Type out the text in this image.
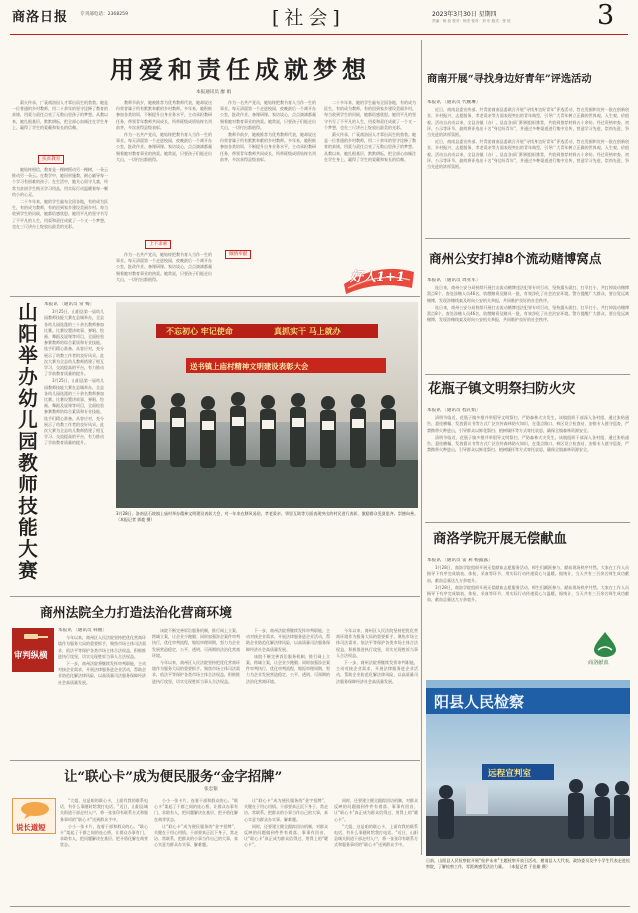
商洛日报	专刊部电话：2368259	[社会]	2023年3月30日 星期四
责编：杨 蕊 校对：杨杰 校对：刘 东 版式：张 炫	3
用爱和责任成就梦想
本报通讯员 廖 娟

薪火传承，广袤商洛因人才辈出而生机勃勃。她是一位普通的乡村教师，用二十余年的坚守诠释了教育的真谛，用爱与责任点亮了无数山里孩子的梦想。从教以来，她扎根基层，默默耕耘，把全部心血倾注在学生身上，赢得了学生的爱戴和家长的信赖。

扶贫教育

她始终相信，教育是一棵树摇动另一棵树，一朵云推动另一朵云。在教学中，她因材施教，耐心辅导每一个学习有困难的孩子；在生活中，她关心留守儿童，经常为贫困学生购买学习用品，用实际行动温暖着每一颗幼小的心灵。

二十多年来，她的学生遍布全国各地，有的成为医生，有的成为教师，有的回到家乡建设美丽乡村。每当收到学生的问候，她都倍感欣慰。她用平凡的坚守书写了不平凡的人生，用爱和责任成就了一个又一个梦想，也在三尺讲台上绽放出最美的光彩。

教师节前夕，她被推荐为优秀教师代表，她却说这份荣誉属于所有默默奉献的乡村教师。多年来，她积极参加各类培训，不断提升自身业务水平，主动承担教研任务，带领青年教师共同成长，所带班级成绩始终名列前茅，多次获得县级表彰。

作为一名共产党员，她始终把教书育人当作一生的事业。每天清晨第一个走进校园，夜晚最后一个离开办公室，批改作业、备课研课、家访谈心，点点滴滴都凝聚着她对教育事业的热爱。她常说，只要孩子们能走出大山，一切付出都值得。

上下求索

作为一名共产党员，她始终把教书育人当作一生的事业。每天清晨第一个走进校园，夜晚最后一个离开办公室，批改作业、备课研课、家访谈心，点点滴滴都凝聚着她对教育事业的热爱。她常说，只要孩子们能走出大山，一切付出都值得。

作为一名共产党员，她始终把教书育人当作一生的事业。每天清晨第一个走进校园，夜晚最后一个离开办公室，批改作业、备课研课、家访谈心，点点滴滴都凝聚着她对教育事业的热爱。她常说，只要孩子们能走出大山，一切付出都值得。

教师节前夕，她被推荐为优秀教师代表，她却说这份荣誉属于所有默默奉献的乡村教师。多年来，她积极参加各类培训，不断提升自身业务水平，主动承担教研任务，带领青年教师共同成长，所带班级成绩始终名列前茅，多次获得县级表彰。

倾情奉献

二十多年来，她的学生遍布全国各地，有的成为医生，有的成为教师，有的回到家乡建设美丽乡村。每当收到学生的问候，她都倍感欣慰。她用平凡的坚守书写了不平凡的人生，用爱和责任成就了一个又一个梦想，也在三尺讲台上绽放出最美的光彩。

薪火传承，广袤商洛因人才辈出而生机勃勃。她是一位普通的乡村教师，用二十余年的坚守诠释了教育的真谛，用爱与责任点亮了无数山里孩子的梦想。从教以来，她扎根基层，默默耕耘，把全部心血倾注在学生身上，赢得了学生的爱戴和家长的信赖。

好人1+1
商南开展“寻找身边好青年”评选活动
本报讯 〔通讯员 代婉琳〕

近日，商南县委宣传部、共青团商南县委联合开展“寻找身边好青年”评选活动，旨在发掘和宣传一批在创新创业、乡村振兴、志愿服务、孝老爱亲等方面表现突出的青年典型，引导广大青年树立正确的世界观、人生观、价值观。活动自启动以来，全县各镇（办）、县直各部门积极组织推荐，共收到推荐材料五十余份。经过资格审查、初评、公示等环节，最终将评选出十名“身边好青年”，并通过多种渠道进行集中宣传，营造学习先进、崇尚先进、争当先进的浓厚氛围。

近日，商南县委宣传部、共青团商南县委联合开展“寻找身边好青年”评选活动，旨在发掘和宣传一批在创新创业、乡村振兴、志愿服务、孝老爱亲等方面表现突出的青年典型，引导广大青年树立正确的世界观、人生观、价值观。活动自启动以来，全县各镇（办）、县直各部门积极组织推荐，共收到推荐材料五十余份。经过资格审查、初评、公示等环节，最终将评选出十名“身边好青年”，并通过多种渠道进行集中宣传，营造学习先进、崇尚先进、争当先进的浓厚氛围。

商州公安打掉8个流动赌博窝点
本报讯 〔通讯员 周亚军〕

连日来，商州公安分局持续开展打击流动赌博违法犯罪专项行动，坚持露头就打、打早打小，共打掉流动赌博窝点8个，查处涉赌人员46名，收缴赌资及赌具一批，有效净化了社会治安环境。警方提醒广大群众，要自觉远离赌博，发现涉赌线索及时向公安机关举报，共同维护良好的社会秩序。

连日来，商州公安分局持续开展打击流动赌博违法犯罪专项行动，坚持露头就打、打早打小，共打掉流动赌博窝点8个，查处涉赌人员46名，收缴赌资及赌具一批，有效净化了社会治安环境。警方提醒广大群众，要自觉远离赌博，发现涉赌线索及时向公安机关举报，共同维护良好的社会秩序。

花瓶子镇文明祭扫防火灾
本报讯 〔通讯员 程瓦娟〕

清明节临近，花瓶子镇多措并举倡导文明祭扫，严防森林火灾发生。该镇组织干部深入各村组，通过张贴通告、悬挂横幅、发放倡议书等方式广泛宣传森林防火知识，在重点路口、林区设立检查站，安排专人值守巡查，严禁携带火种进山，引导群众以鲜花祭扫、植树缅怀等方式寄托哀思，确保全镇森林资源安全。

清明节临近，花瓶子镇多措并举倡导文明祭扫，严防森林火灾发生。该镇组织干部深入各村组，通过张贴通告、悬挂横幅、发放倡议书等方式广泛宣传森林防火知识，在重点路口、林区设立检查站，安排专人值守巡查，严禁携带火种进山，引导群众以鲜花祭扫、植树缅怀等方式寄托哀思，确保全镇森林资源安全。

商洛学院开展无偿献血
本报讯 〔通讯员 雷 莉 杨露露〕

3月28日，商洛学院组织开展无偿献血志愿服务活动，师生们踊跃参与，献血现场秩序井然。大家在工作人员指导下有序完成填表、体检、采血等环节，用实际行动传递爱心与温暖。据统计，当天共有三百余名师生成功献血，献血总量达九万余毫升。

3月28日，商洛学院组织开展无偿献血志愿服务活动，师生们踊跃参与，献血现场秩序井然。大家在工作人员指导下有序完成填表、体检、采血等环节，用实际行动传递爱心与温暖。据统计，当天共有三百余名师生成功献血，献血总量达九万余毫升。

商洛献血
山阳举办幼儿园教师技能大赛 本报讯 〔通讯员 常 梅〕

3月25日，山阳县第一届幼儿园教师技能大赛在县城举办，全县各幼儿园选派的三十余名教师参加比赛。比赛设置讲故事、弹唱、绘画、舞蹈及说课等项目，全面检验参赛教师的综合素质和专业技能。选手们精心准备、从容应对，充分展示了幼教工作者的良好风采。此次大赛为全县幼儿教师搭建了相互学习、交流提高的平台，有力推动了学前教育质量的提升。

3月25日，山阳县第一届幼儿园教师技能大赛在县城举办，全县各幼儿园选派的三十余名教师参加比赛。比赛设置讲故事、弹唱、绘画、舞蹈及说课等项目，全面检验参赛教师的综合素质和专业技能。选手们精心准备、从容应对，充分展示了幼教工作者的良好风采。此次大赛为全县幼儿教师搭建了相互学习、交流提高的平台，有力推动了学前教育质量的提升。

不忘初心 牢记使命	真抓实干 马上就办
送书镇上庙村精神文明建设表彰大会
3月28日，洛南县石坡镇上庙村举办精神文明建设表彰大会，对一年来在移风易俗、孝老爱亲、邻里互助等方面表现突出的村民进行表彰，激励群众见贤思齐、崇德向善。 （本报记者 郭鹿 摄）
商州法院全力打造法治化营商环境
审判纵横
本报讯 〔通讯员 韩丽〕

今年以来，商州区人民法院坚持把优化营商环境作为服务大局的重要抓手，聚焦市场主体司法需求，依法平等保护各类市场主体合法权益，积极推进执行攻坚，切实兑现胜诉当事人合法权益。

下一步，商州法院将继续发挥审判职能，主动对接企业需求，开展法律服务进企业活动，帮助企业防范化解法律风险，以高质量司法服务保障经济社会高质量发展。

该院不断完善诉讼服务机制，推行网上立案、跨域立案，让企业少跑腿；同时加强涉企案件审判执行，优化审判流程，缩短审理周期，努力为企业发展营造稳定、公平、透明、可预期的法治化营商环境。

今年以来，商州区人民法院坚持把优化营商环境作为服务大局的重要抓手，聚焦市场主体司法需求，依法平等保护各类市场主体合法权益，积极推进执行攻坚，切实兑现胜诉当事人合法权益。

下一步，商州法院将继续发挥审判职能，主动对接企业需求，开展法律服务进企业活动，帮助企业防范化解法律风险，以高质量司法服务保障经济社会高质量发展。

该院不断完善诉讼服务机制，推行网上立案、跨域立案，让企业少跑腿；同时加强涉企案件审判执行，优化审判流程，缩短审理周期，努力为企业发展营造稳定、公平、透明、可预期的法治化营商环境。

今年以来，商州区人民法院坚持把优化营商环境作为服务大局的重要抓手，聚焦市场主体司法需求，依法平等保护各类市场主体合法权益，积极推进执行攻坚，切实兑现胜诉当事人合法权益。

下一步，商州法院将继续发挥审判职能，主动对接企业需求，开展法律服务进企业活动，帮助企业防范化解法律风险，以高质量司法服务保障经济社会高质量发展。

让“联心卡”成为便民服务“金字招牌”
张忠银
说长道短

“大姐，这是咱的联心卡，上面有我的联系电话，有什么事随时给我打电话。”近日，山阳县城关街道干部走村入户，将一张张印有联系方式和服务事项的“联心卡”送到群众手中。

小小一张卡片，连着干部和群众的心。“联心卡”架起了干群之间的连心桥，让群众办事有门、求助有人，把问题解决在基层、把矛盾化解在萌芽状态。

小小一张卡片，连着干部和群众的心。“联心卡”架起了干群之间的连心桥，让群众办事有门、求助有人，把问题解决在基层、把矛盾化解在萌芽状态。

让“联心卡”成为便民服务的“金字招牌”，关键在于用心用情。干部要真正沉下身子，常走访、常联系，把群众的小事当作自己的大事，真心实意为群众办实事、解难题。

让“联心卡”成为便民服务的“金字招牌”，关键在于用心用情。干部要真正沉下身子，常走访、常联系，把群众的小事当作自己的大事，真心实意为群众办实事、解难题。

同时，还要建立健全跟踪回访机制，对群众反映的问题做到件件有着落、事事有回音，让“联心卡”真正成为群众信得过、用得上的“暖心卡”。

同时，还要建立健全跟踪回访机制，对群众反映的问题做到件件有着落、事事有回音，让“联心卡”真正成为群众信得过、用得上的“暖心卡”。

“大姐，这是咱的联心卡，上面有我的联系电话，有什么事随时给我打电话。”近日，山阳县城关街道干部走村入户，将一张张印有联系方式和服务事项的“联心卡”送到群众手中。

阳县人民检察
远程宣判室
日前，山阳县人民检察院开展“检护未来”主题检察开放日活动，邀请县人大代表、政协委员及中小学生代表走进检察院，了解检察工作，零距离感受法治力量。 （本报记者 于佳雄 摄）
